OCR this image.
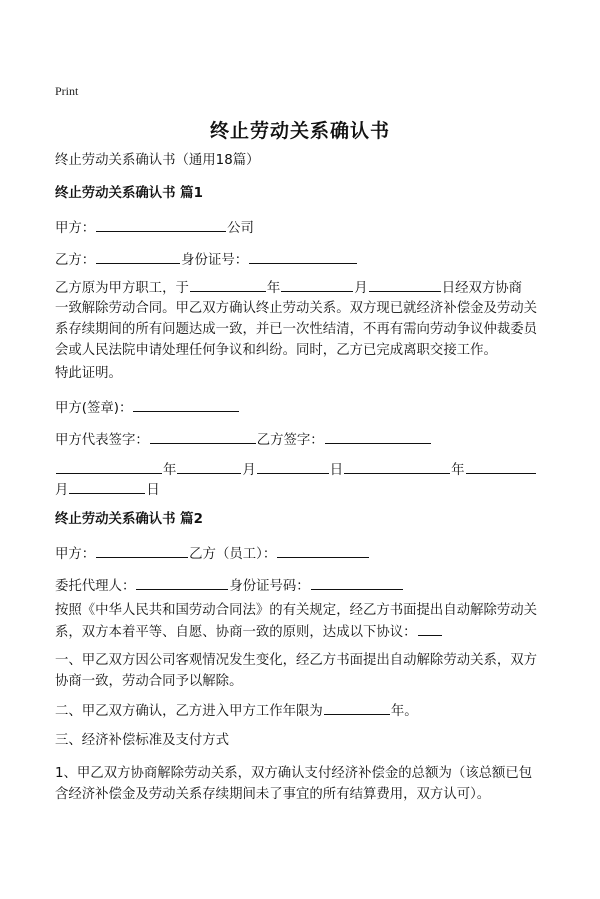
Print
终止劳动关系确认书
终止劳动关系确认书（通用18篇）
终止劳动关系确认书 篇1
甲方：	公司
乙方：	身份证号：
乙方原为甲方职工，于	年	月	日经双方协商
一致解除劳动合同。甲乙双方确认终止劳动关系。双方现已就经济补偿金及劳动关
系存续期间的所有问题达成一致，并已一次性结清，不再有需向劳动争议仲裁委员
会或人民法院申请处理任何争议和纠纷。同时，乙方已完成离职交接工作。
特此证明。
甲方(签章)：
甲方代表签字：	乙方签字：
年	月	日	年
月	日
终止劳动关系确认书 篇2
甲方：	乙方（员工）：
委托代理人：	身份证号码：
按照《中华人民共和国劳动合同法》的有关规定，经乙方书面提出自动解除劳动关
系，双方本着平等、自愿、协商一致的原则，达成以下协议：
一、甲乙双方因公司客观情况发生变化，经乙方书面提出自动解除劳动关系，双方
协商一致，劳动合同予以解除。
二、甲乙双方确认，乙方进入甲方工作年限为	年。
三、经济补偿标准及支付方式
1、甲乙双方协商解除劳动关系，双方确认支付经济补偿金的总额为（该总额已包
含经济补偿金及劳动关系存续期间未了事宜的所有结算费用，双方认可）。
